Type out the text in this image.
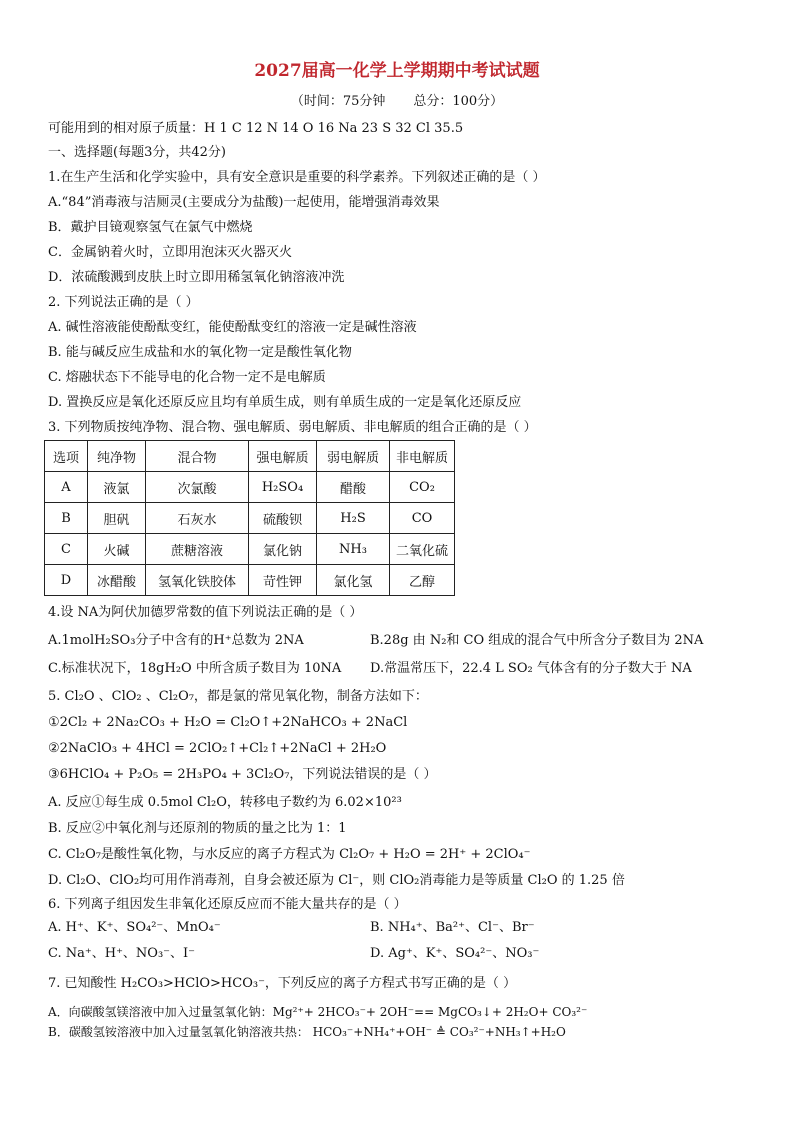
2027届高一化学上学期期中考试试题
（时间：75分钟 总分：100分）
可能用到的相对原子质量：H 1 C 12 N 14 O 16 Na 23 S 32 Cl 35.5
一、选择题(每题3分，共42分)
1.在生产生活和化学实验中，具有安全意识是重要的科学素养。下列叙述正确的是（ ）
A.“84”消毒液与洁厕灵(主要成分为盐酸)一起使用，能增强消毒效果
B．戴护目镜观察氢气在氯气中燃烧
C．金属钠着火时，立即用泡沫灭火器灭火
D．浓硫酸溅到皮肤上时立即用稀氢氧化钠溶液冲洗
2. 下列说法正确的是（ ）
A. 碱性溶液能使酚酞变红，能使酚酞变红的溶液一定是碱性溶液
B. 能与碱反应生成盐和水的氧化物一定是酸性氧化物
C. 熔融状态下不能导电的化合物一定不是电解质
D. 置换反应是氧化还原反应且均有单质生成，则有单质生成的一定是氧化还原反应
3. 下列物质按纯净物、混合物、强电解质、弱电解质、非电解质的组合正确的是（ ）
选项	纯净物	混合物	强电解质	弱电解质	非电解质
A	液氯	次氯酸	H₂SO₄	醋酸	CO₂
B	胆矾	石灰水	硫酸钡	H₂S	CO
C	火碱	蔗糖溶液	氯化钠	NH₃	二氧化硫
D	冰醋酸	氢氧化铁胶体	苛性钾	氯化氢	乙醇
4.设 NA为阿伏加德罗常数的值下列说法正确的是（ ）
A.1molH₂SO₃分子中含有的H⁺总数为 2NA	B.28g 由 N₂和 CO 组成的混合气中所含分子数目为 2NA
C.标准状况下，18gH₂O 中所含质子数目为 10NA D.常温常压下，22.4 L SO₂ 气体含有的分子数大于 NA
5. Cl₂O 、ClO₂ 、Cl₂O₇，都是氯的常见氧化物，制备方法如下：
①2Cl₂ + 2Na₂CO₃ + H₂O = Cl₂O↑+2NaHCO₃ + 2NaCl
②2NaClO₃ + 4HCl = 2ClO₂↑+Cl₂↑+2NaCl + 2H₂O
③6HClO₄ + P₂O₅ = 2H₃PO₄ + 3Cl₂O₇，下列说法错误的是（ ）
A. 反应①每生成 0.5mol Cl₂O，转移电子数约为 6.02×10²³
B. 反应②中氧化剂与还原剂的物质的量之比为 1：1
C. Cl₂O₇是酸性氧化物，与水反应的离子方程式为 Cl₂O₇ + H₂O = 2H⁺ + 2ClO₄⁻
D. Cl₂O、ClO₂均可用作消毒剂，自身会被还原为 Cl⁻，则 ClO₂消毒能力是等质量 Cl₂O 的 1.25 倍
6. 下列离子组因发生非氧化还原反应而不能大量共存的是（ ）
A. H⁺、K⁺、SO₄²⁻、MnO₄⁻	B. NH₄⁺、Ba²⁺、Cl⁻、Br⁻
C. Na⁺、H⁺、NO₃⁻、I⁻	D. Ag⁺、K⁺、SO₄²⁻、NO₃⁻
7. 已知酸性 H₂CO₃>HClO>HCO₃⁻，下列反应的离子方程式书写正确的是（ ）
A．向碳酸氢镁溶液中加入过量氢氧化钠：Mg²⁺+ 2HCO₃⁻+ 2OH⁻== MgCO₃↓+ 2H₂O+ CO₃²⁻
B．碳酸氢铵溶液中加入过量氢氧化钠溶液共热： HCO₃⁻+NH₄⁺+OH⁻ ≜ CO₃²⁻+NH₃↑+H₂O
